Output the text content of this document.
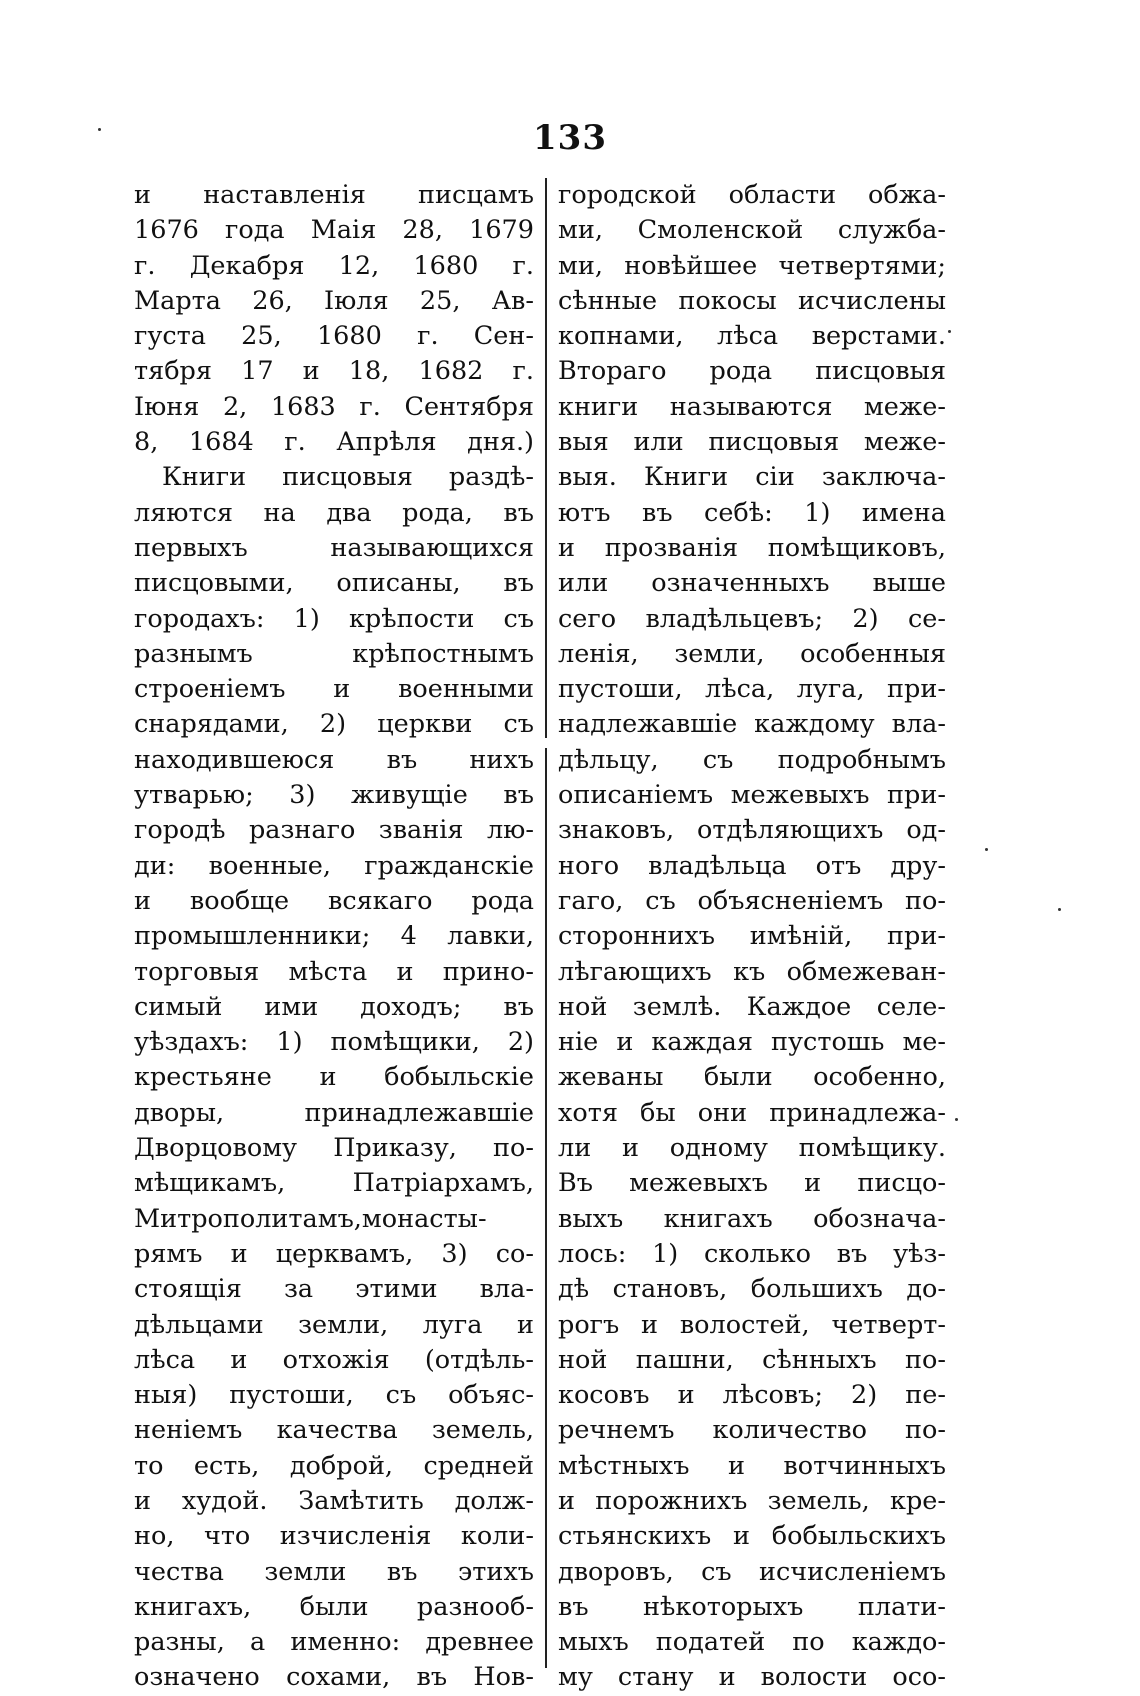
133
и наставленія писцамъ
1676 года Маія 28, 1679
г. Декабря 12, 1680 г.
Марта 26, Іюля 25, Ав-
густа 25, 1680 г. Сен-
тября 17 и 18, 1682 г.
Іюня 2, 1683 г. Сентября
8, 1684 г. Апрѣля дня.)
Книги писцовыя раздѣ-
ляются на два рода, въ
первыхъ называющихся
писцовыми, описаны, въ
городахъ: 1) крѣпости съ
разнымъ крѣпостнымъ
строеніемъ и военными
снарядами, 2) церкви съ
находившеюся въ нихъ
утварью; 3) живущіе въ
городѣ разнаго званія лю-
ди: военные, гражданскіе
и вообще всякаго рода
промышленники; 4 лавки,
торговыя мѣста и прино-
симый ими доходъ; въ
уѣздахъ: 1) помѣщики, 2)
крестьяне и бобыльскіе
дворы, принадлежавшіе
Дворцовому Приказу, по-
мѣщикамъ, Патріархамъ,
Митрополитамъ,монасты-
рямъ и церквамъ, 3) со-
стоящія за этими вла-
дѣльцами земли, луга и
лѣса и отхожія (отдѣль-
ныя) пустоши, съ объяс-
неніемъ качества земель,
то есть, доброй, средней
и худой. Замѣтить долж-
но, что изчисленія коли-
чества земли въ этихъ
книгахъ, были разнооб-
разны, а именно: древнее
означено сохами, въ Нов-
городской области обжа-
ми, Смоленской служба-
ми, новѣйшее четвертями;
сѣнные покосы исчислены
копнами, лѣса верстами.
Втораго рода писцовыя
книги называются меже-
выя или писцовыя меже-
выя. Книги сіи заключа-
ютъ въ себѣ: 1) имена
и прозванія помѣщиковъ,
или означенныхъ выше
сего владѣльцевъ; 2) се-
ленія, земли, особенныя
пустоши, лѣса, луга, при-
надлежавшіе каждому вла-
дѣльцу, съ подробнымъ
описаніемъ межевыхъ при-
знаковъ, отдѣляющихъ од-
ного владѣльца отъ дру-
гаго, съ объясненіемъ по-
стороннихъ имѣній, при-
лѣгающихъ къ обмежеван-
ной землѣ. Каждое селе-
ніе и каждая пустошь ме-
жеваны были особенно,
хотя бы они принадлежа-
ли и одному помѣщику.
Въ межевыхъ и писцо-
выхъ книгахъ обознача-
лось: 1) сколько въ уѣз-
дѣ становъ, большихъ до-
рогъ и волостей, четверт-
ной пашни, сѣнныхъ по-
косовъ и лѣсовъ; 2) пе-
речнемъ количество по-
мѣстныхъ и вотчинныхъ
и порожнихъ земель, кре-
стьянскихъ и бобыльскихъ
дворовъ, съ исчисленіемъ
въ нѣкоторыхъ плати-
мыхъ податей по каждо-
му стану и волости осо-
